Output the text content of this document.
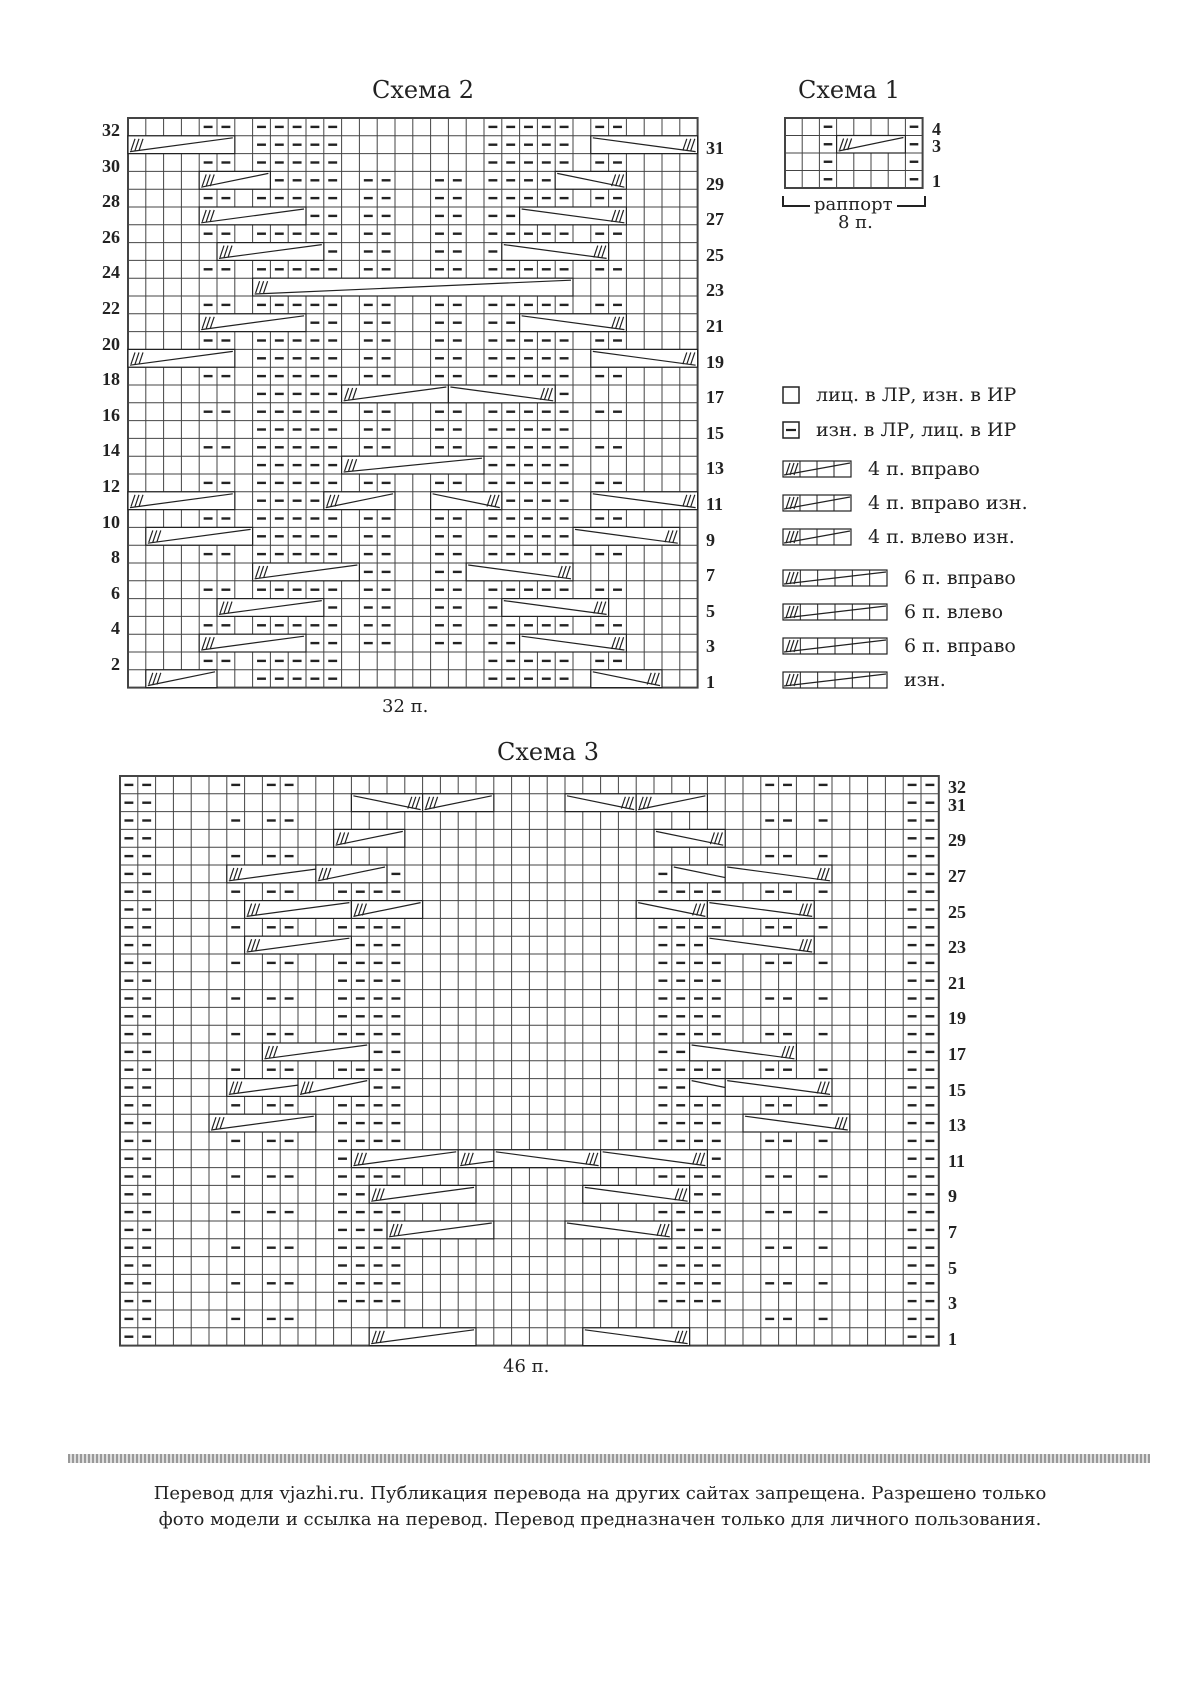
Схема 2
32
30
28
26
24
22
20
18
16
14
12
10
8
6
4
2
31
29
27
25
23
21
19
17
15
13
11
9
7
5
3
1
32 п.
Схема 1
4
3
1
раппорт
8 п.
лиц. в ЛР, изн. в ИР
изн. в ЛР, лиц. в ИР
4 п. вправо
4 п. вправо изн.
4 п. влево изн.
6 п. вправо
6 п. влево
6 п. вправо
изн.
Схема 3
32
31
29
27
25
23
21
19
17
15
13
11
9
7
5
3
1
46 п.
Перевод для vjazhi.ru. Публикация перевода на других сайтах запрещена. Разрешено только
фото модели и ссылка на перевод. Перевод предназначен только для личного пользования.
